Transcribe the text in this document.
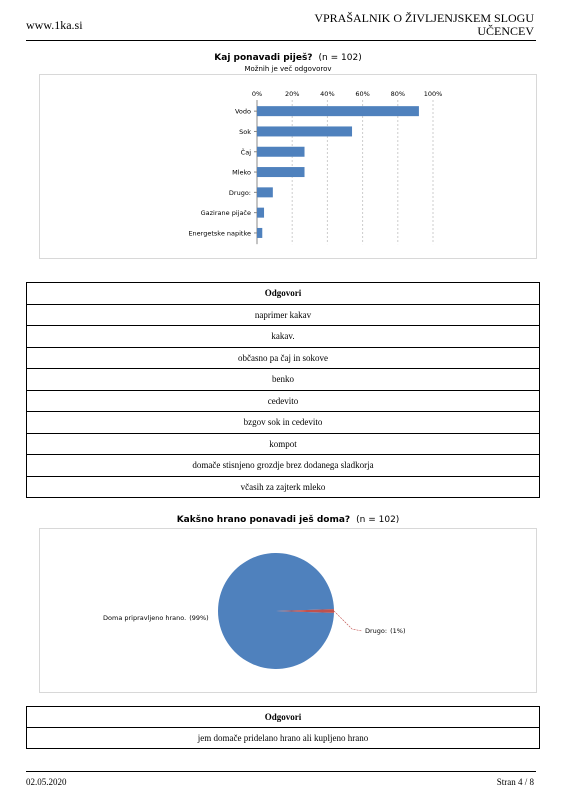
www.1ka.si	VPRAŠALNIK O ŽIVLJENJSKEM SLOGU
UČENCEV
Kaj ponavadi piješ? (n = 102)
Možnih je več odgovorov
0%	20%	40%	60%	80%	100%
Vodo
Sok
Čaj
Mleko
Drugo:
Gazirane pijače
Energetske napitke
Odgovori
naprimer kakav
kakav.
občasno pa čaj in sokove
benko
cedevito
bzgov sok in cedevito
kompot
domače stisnjeno grozdje brez dodanega sladkorja
včasih za zajterk mleko
Kakšno hrano ponavadi ješ doma? (n = 102)
Doma pripravljeno hrano. (99%)
Drugo: (1%)
Odgovori
jem domače pridelano hrano ali kupljeno hrano
02.05.2020	Stran 4 / 8
